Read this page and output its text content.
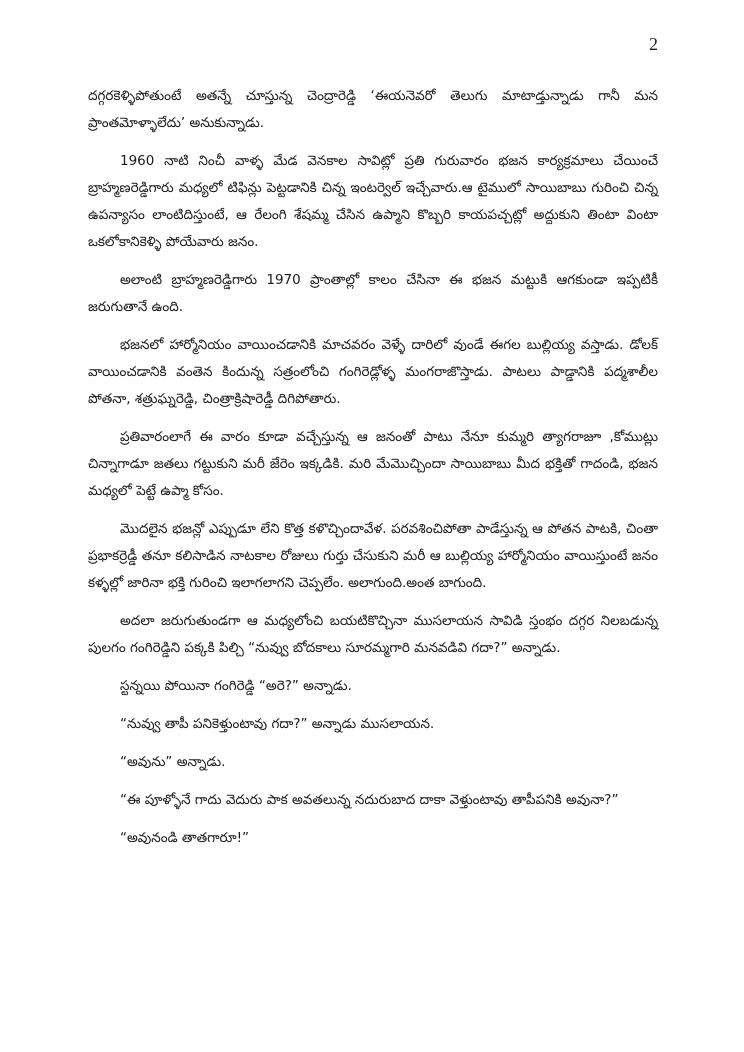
2

దగ్గరకెళ్ళిపోతుంటే అతన్నే చూస్తున్న చెంద్రారెడ్డి ‘ఈయనెవరో తెలుగు మాటాడ్తున్నాడు గానీ మన ప్రాంతమోళ్ళాలేదు’ అనుకున్నాడు.

1960 నాటి నించీ వాళ్ళ మేడ వెనకాల సావిట్లో ప్రతి గురువారం భజన కార్యక్రమాలు చేయించే బ్రాహ్మణరెడ్డిగారు మధ్యలో టిఫిన్లు పెట్టడానికి చిన్న ఇంటర్వెల్ ఇచ్చేవారు.ఆ టైములో సాయిబాబు గురించి చిన్న ఉపన్యాసం లాంటిదిస్తుంటే, ఆ రేలంగి శేషమ్మ చేసిన ఉప్మాని కొబ్బరి కాయపచ్చట్లో అద్దుకుని తింటా వింటా ఒకలోకానికెళ్ళి పోయేవారు జనం.

అలాంటి బ్రాహ్మణరెడ్డిగారు 1970 ప్రాంతాల్లో కాలం చేసినా ఈ భజన మట్టుకి ఆగకుండా ఇప్పటికీ జరుగుతానే ఉంది.

భజనలో హార్మోనియం వాయించడానికి మాచవరం వెళ్ళే దారిలో వుండే ఈగల బుల్లియ్య వస్తాడు. డోలక్ వాయించడానికి వంతెన కిందున్న సత్రంలోంచి గంగిరెడ్లోళ్ళ మంగరాజొస్తాడు. పాటలు పాడ్డానికి పద్మశాలీల పోతనా, శత్రుఘ్నరెడ్డి, చింత్రాక్రిషారెడ్డీ దిగిపోతారు.

ప్రతివారంలాగే ఈ వారం కూడా వచ్చేస్తున్న ఆ జనంతో పాటు నేనూ కుమ్మరి త్యాగరాజూ ,కోముట్లు చిన్నాగాడూ జతలు గట్టుకుని మరీ జేరెం ఇక్కడికి. మరి మేమొచ్చిందా సాయిబాబు మీద భక్తితో గాదండి, భజన మధ్యలో పెట్టే ఉప్మా కోసం.

మొదలైన భజన్లో ఎప్పుడూ లేని కొత్త కళొచ్చిందావేళ. పరవశించిపోతా పాడేస్తున్న ఆ పోతన పాటకి, చింతా ప్రభాకర్రెడ్డీ తనూ కలిసాడిన నాటకాల రోజులు గుర్తు చేసుకుని మరీ ఆ బుల్లియ్య హార్మోనియం వాయిస్తుంటే జనం కళ్ళల్లో జారినా భక్తి గురించి ఇలాగలాగని చెప్పలేం. అలాగుంది.అంత బాగుంది.

అదలా జరుగుతుండగా ఆ మధ్యలోంచి బయటికొచ్చినా ముసలాయన సావిడి స్తంభం దగ్గర నిలబడున్న పులగం గంగిరెడ్డిని పక్కకి పిల్చి “నువ్వు బోదకాలు సూరమ్మగారి మనవడివి గదా?” అన్నాడు.

స్టన్నయి పోయినా గంగిరెడ్డి “అరె?” అన్నాడు.

“నువ్వు తాపీ పనికెళ్తుంటావు గదా?” అన్నాడు ముసలాయన.

“అవును” అన్నాడు.

“ఈ పూళ్ళోనే గాదు వెదురు పాక అవతలున్న నదురుబాద దాకా వెళ్తుంటావు తాపీపనికి అవునా?”

“అవునండి తాతగారూ!”
